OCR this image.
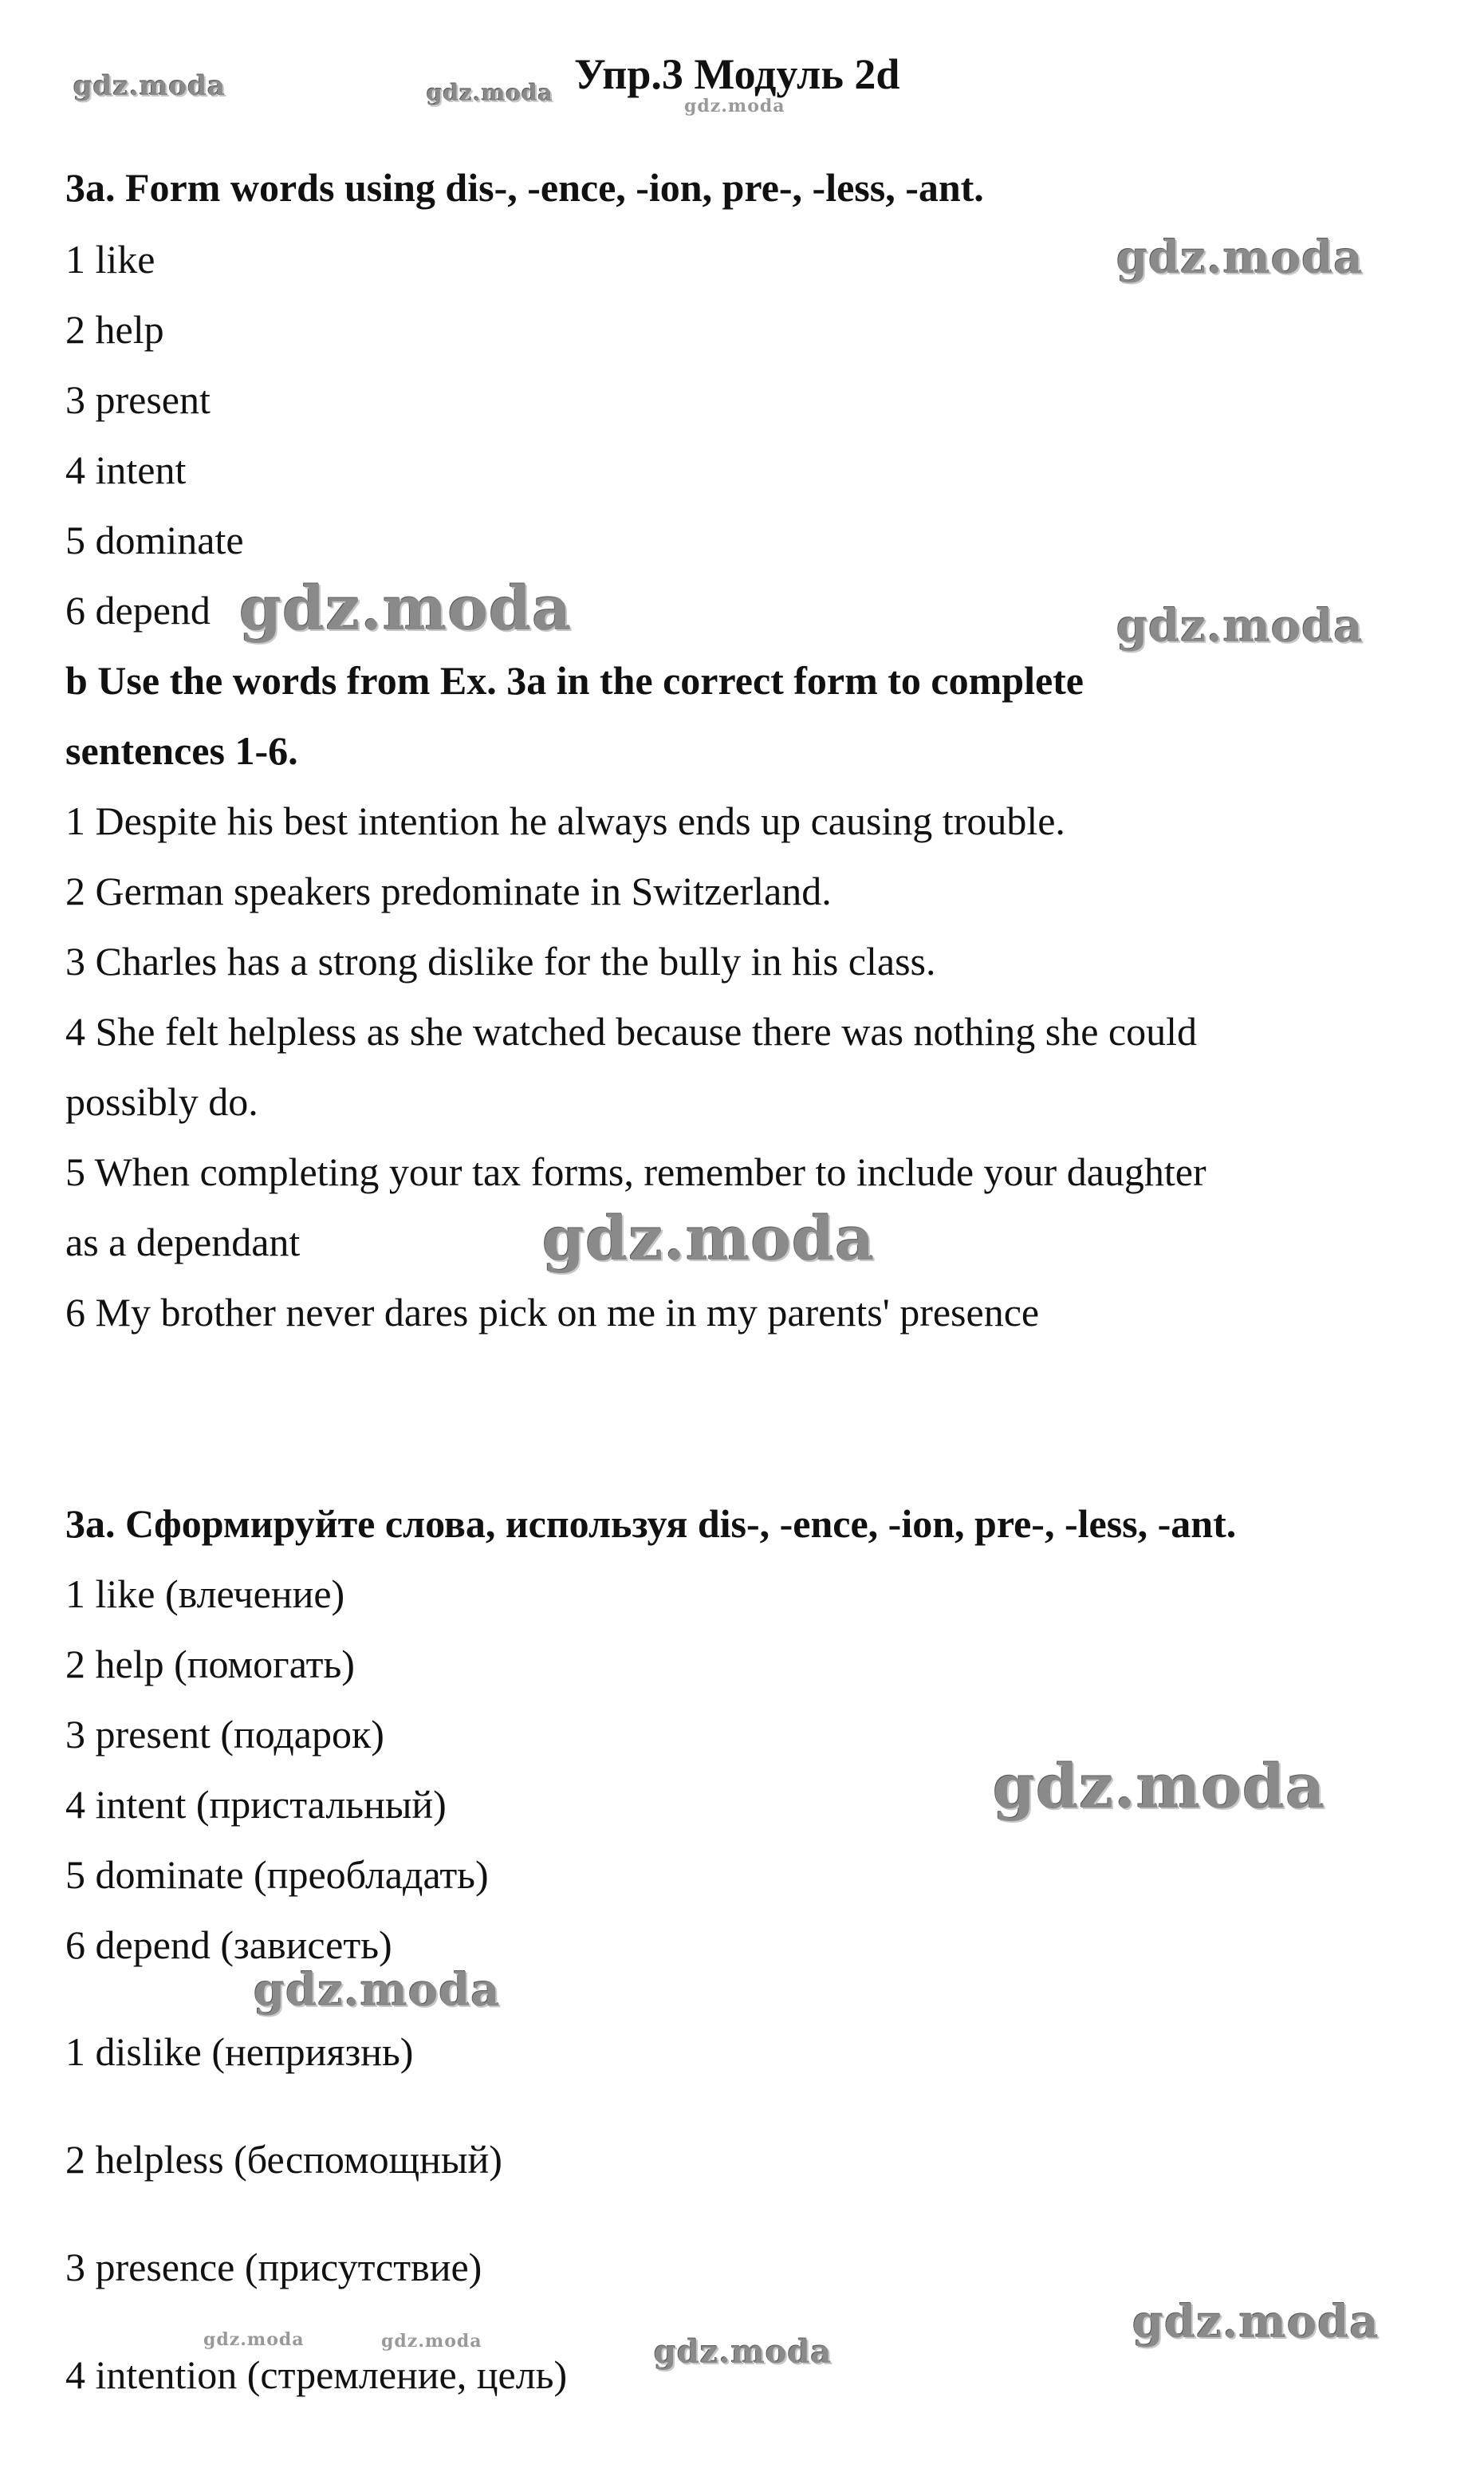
Упр.3 Модуль 2d
3a. Form words using dis-, -ence, -ion, pre-, -less, -ant.
1 like
2 help
3 present
4 intent
5 dominate
6 depend
b Use the words from Ex. 3a in the correct form to complete
sentences 1-6.
1 Despite his best intention he always ends up causing trouble.
2 German speakers predominate in Switzerland.
3 Charles has a strong dislike for the bully in his class.
4 She felt helpless as she watched because there was nothing she could
possibly do.
5 When completing your tax forms, remember to include your daughter
as a dependant
6 My brother never dares pick on me in my parents' presence
3a. Сформируйте слова, используя dis-, -ence, -ion, pre-, -less, -ant.
1 like (влечение)
2 help (помогать)
3 present (подарок)
4 intent (пристальный)
5 dominate (преобладать)
6 depend (зависеть)
1 dislike (неприязнь)
2 helpless (беспомощный)
3 presence (присутствие)
4 intention (стремление, цель)
gdz.moda	gdz.moda	gdz.moda
gdz.moda
gdz.moda	gdz.moda
gdz.moda
gdz.moda
gdz.moda
gdz.moda	gdz.moda	gdz.moda
gdz.moda
